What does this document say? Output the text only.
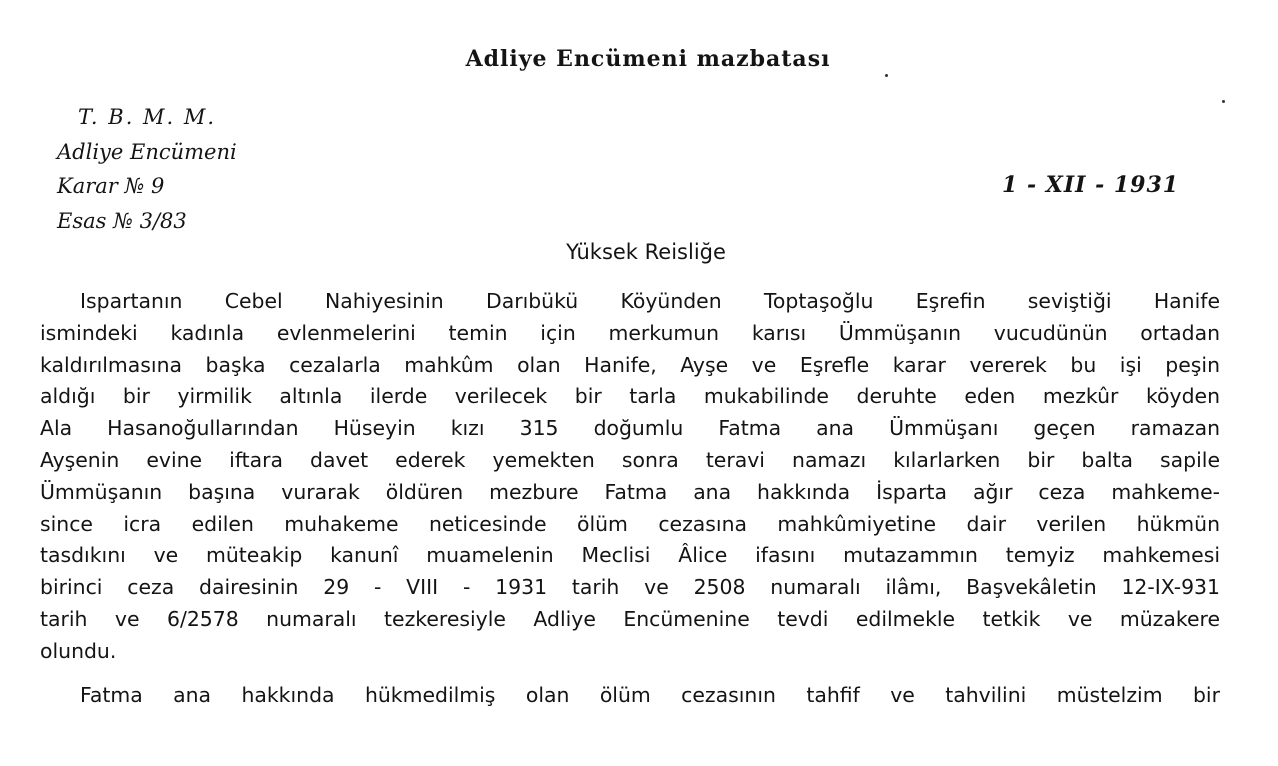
Adliye Encümeni mazbatası
T. B. M. M.
Adliye Encümeni
Karar № 9
Esas № 3/83
1 - XII - 1931
Yüksek Reisliğe
Ispartanın Cebel Nahiyesinin Darıbükü Köyünden Toptaşoğlu Eşrefin seviştiği Hanife
ismindeki kadınla evlenmelerini temin için merkumun karısı Ümmüşanın vucudünün ortadan
kaldırılmasına başka cezalarla mahkûm olan Hanife, Ayşe ve Eşrefle karar vererek bu işi peşin
aldığı bir yirmilik altınla ilerde verilecek bir tarla mukabilinde deruhte eden mezkûr köyden
Ala Hasanoğullarından Hüseyin kızı 315 doğumlu Fatma ana Ümmüşanı geçen ramazan
Ayşenin evine iftara davet ederek yemekten sonra teravi namazı kılarlarken bir balta sapile
Ümmüşanın başına vurarak öldüren mezbure Fatma ana hakkında İsparta ağır ceza mahkeme-
since icra edilen muhakeme neticesinde ölüm cezasına mahkûmiyetine dair verilen hükmün
tasdıkını ve müteakip kanunî muamelenin Meclisi Âlice ifasını mutazammın temyiz mahkemesi
birinci ceza dairesinin 29 - VIII - 1931 tarih ve 2508 numaralı ilâmı, Başvekâletin 12-IX-931
tarih ve 6/2578 numaralı tezkeresiyle Adliye Encümenine tevdi edilmekle tetkik ve müzakere
olundu.
Fatma ana hakkında hükmedilmiş olan ölüm cezasının tahfif ve tahvilini müstelzim bir
